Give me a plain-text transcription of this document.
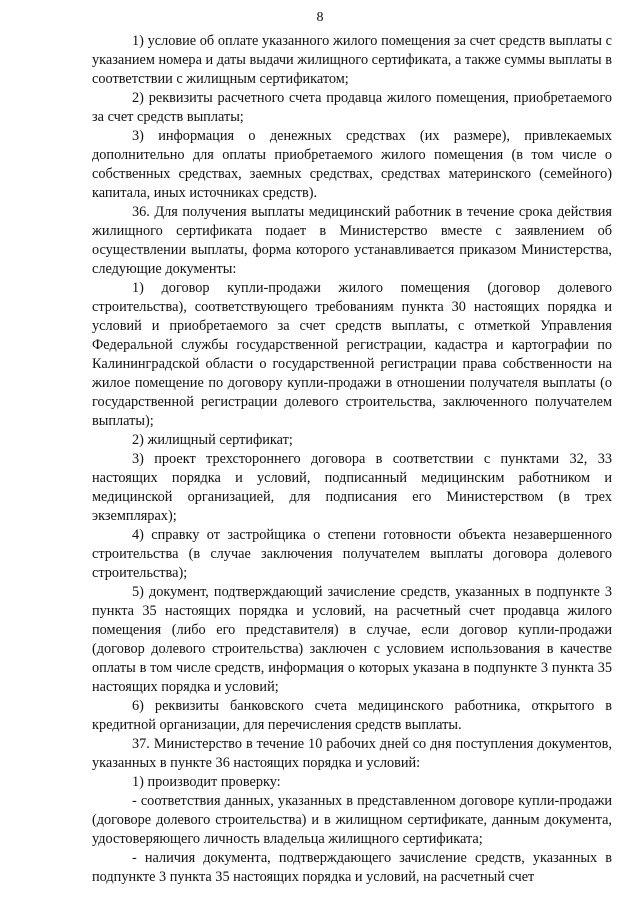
8

1) условие об оплате указанного жилого помещения за счет средств выплаты с указанием номера и даты выдачи жилищного сертификата, а также суммы выплаты в соответствии с жилищным сертификатом;

2) реквизиты расчетного счета продавца жилого помещения, приобретаемого за счет средств выплаты;

3) информация о денежных средствах (их размере), привлекаемых дополнительно для оплаты приобретаемого жилого помещения (в том числе о собственных средствах, заемных средствах, средствах материнского (семейного) капитала, иных источниках средств).

36. Для получения выплаты медицинский работник в течение срока действия жилищного сертификата подает в Министерство вместе с заявлением об осуществлении выплаты, форма которого устанавливается приказом Министерства, следующие документы:

1) договор купли-продажи жилого помещения (договор долевого строительства), соответствующего требованиям пункта 30 настоящих порядка и условий и приобретаемого за счет средств выплаты, с отметкой Управления Федеральной службы государственной регистрации, кадастра и картографии по Калининградской области о государственной регистрации права собственности на жилое помещение по договору купли-продажи в отношении получателя выплаты (о государственной регистрации долевого строительства, заключенного получателем выплаты);

2) жилищный сертификат;

3) проект трехстороннего договора в соответствии с пунктами 32, 33 настоящих порядка и условий, подписанный медицинским работником и медицинской организацией, для подписания его Министерством (в трех экземплярах);

4) справку от застройщика о степени готовности объекта незавершенного строительства (в случае заключения получателем выплаты договора долевого строительства);

5) документ, подтверждающий зачисление средств, указанных в подпункте 3 пункта 35 настоящих порядка и условий, на расчетный счет продавца жилого помещения (либо его представителя) в случае, если договор купли-продажи (договор долевого строительства) заключен с условием использования в качестве оплаты в том числе средств, информация о которых указана в подпункте 3 пункта 35 настоящих порядка и условий;

6) реквизиты банковского счета медицинского работника, открытого в кредитной организации, для перечисления средств выплаты.

37. Министерство в течение 10 рабочих дней со дня поступления документов, указанных в пункте 36 настоящих порядка и условий:

1) производит проверку:

- соответствия данных, указанных в представленном договоре купли-продажи (договоре долевого строительства) и в жилищном сертификате, данным документа, удостоверяющего личность владельца жилищного сертификата;

- наличия документа, подтверждающего зачисление средств, указанных в подпункте 3 пункта 35 настоящих порядка и условий, на расчетный счет
